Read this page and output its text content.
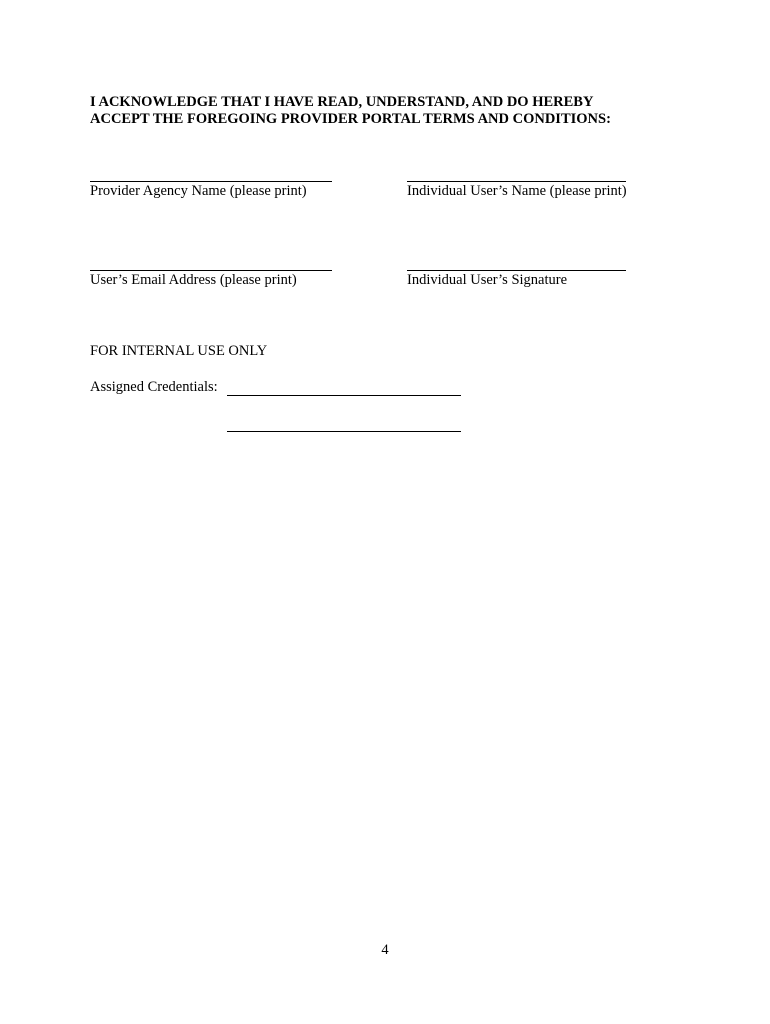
I ACKNOWLEDGE THAT I HAVE READ, UNDERSTAND, AND DO HEREBY
ACCEPT THE FOREGOING PROVIDER PORTAL TERMS AND CONDITIONS:
Provider Agency Name (please print)	Individual User’s Name (please print)
User’s Email Address (please print)	Individual User’s Signature
FOR INTERNAL USE ONLY
Assigned Credentials:
4
